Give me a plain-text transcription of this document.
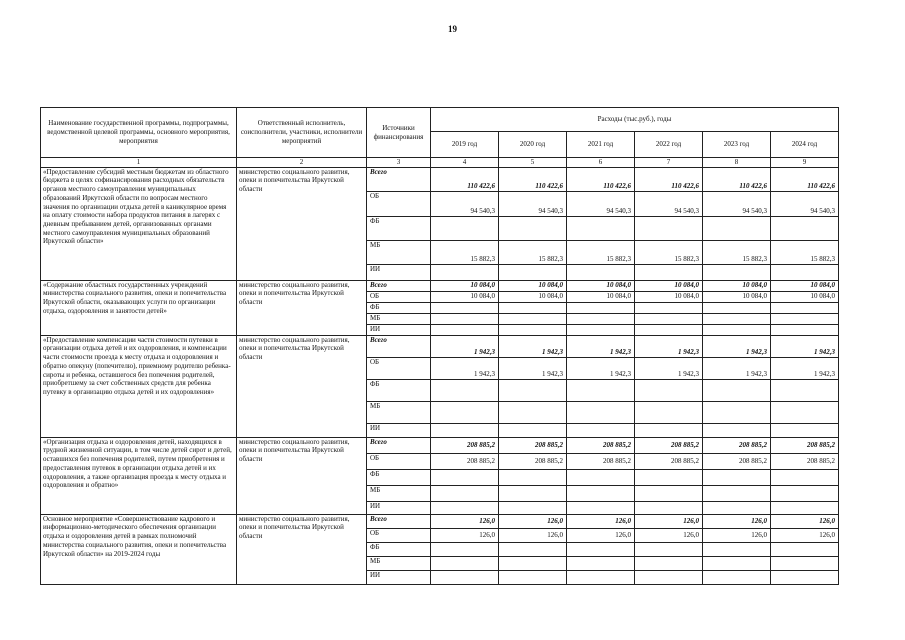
19
Наименование государственной программы, подпрограммы, ведомственной целевой программы, основного мероприятия, мероприятия	Ответственный исполнитель, соисполнители, участники, исполнители мероприятий	Источники финансирования	Расходы (тыс.руб.), годы					
			2019 год	2020 год	2021 год	2022 год	2023 год	2024 год
1	2	3	4	5	6	7	8	9
«Предоставление субсидий местным бюджетам из областного бюджета в целях софинансирования расходных обязательств органов местного самоуправления муниципальных образований Иркутской области по вопросам местного значения по организации отдыха детей в каникулярное время на оплату стоимости набора продуктов питания в лагерях с дневным пребыванием детей, организованных органами местного самоуправления муниципальных образований Иркутской области»	министерство социального развития, опеки и попечительства Иркутской области	Всего	110 422,6	110 422,6	110 422,6	110 422,6	110 422,6	110 422,6
		ОБ	94 540,3	94 540,3	94 540,3	94 540,3	94 540,3	94 540,3
		ФБ						
		МБ	15 882,3	15 882,3	15 882,3	15 882,3	15 882,3	15 882,3
		ИИ						
«Содержание областных государственных учреждений министерства социального развития, опеки и попечительства Иркутской области, оказывающих услуги по организации отдыха, оздоровления и занятости детей»	министерство социального развития, опеки и попечительства Иркутской области	Всего	10 084,0	10 084,0	10 084,0	10 084,0	10 084,0	10 084,0
		ОБ	10 084,0	10 084,0	10 084,0	10 084,0	10 084,0	10 084,0
		ФБ						
		МБ						
		ИИ						
«Предоставление компенсации части стоимости путевки в организации отдыха детей и их оздоровления, и компенсации части стоимости проезда к месту отдыха и оздоровления и обратно опекуну (попечителю), приемному родителю ребенка-сироты и ребенка, оставшегося без попечения родителей, приобретшему за счет собственных средств для ребенка путевку в организацию отдыха детей и их оздоровления»	министерство социального развития, опеки и попечительства Иркутской области	Всего	1 942,3	1 942,3	1 942,3	1 942,3	1 942,3	1 942,3
		ОБ	1 942,3	1 942,3	1 942,3	1 942,3	1 942,3	1 942,3
		ФБ						
		МБ						
		ИИ						
«Организация отдыха и оздоровления детей, находящихся в трудной жизненной ситуации, в том числе детей сирот и детей, оставшихся без попечения родителей, путем приобретения и предоставления путевок в организации отдыха детей и их оздоровления, а также организация проезда к месту отдыха и оздоровления и обратно»	министерство социального развития, опеки и попечительства Иркутской области	Всего	208 885,2	208 885,2	208 885,2	208 885,2	208 885,2	208 885,2
		ОБ	208 885,2	208 885,2	208 885,2	208 885,2	208 885,2	208 885,2
		ФБ						
		МБ						
		ИИ						
Основное мероприятие «Совершенствование кадрового и информационно-методического обеспечения организации отдыха и оздоровления детей в рамках полномочий министерства социального развития, опеки и попечительства Иркутской области» на 2019-2024 годы	министерство социального развития, опеки и попечительства Иркутской области	Всего	126,0	126,0	126,0	126,0	126,0	126,0
		ОБ	126,0	126,0	126,0	126,0	126,0	126,0
		ФБ						
		МБ						
		ИИ						
